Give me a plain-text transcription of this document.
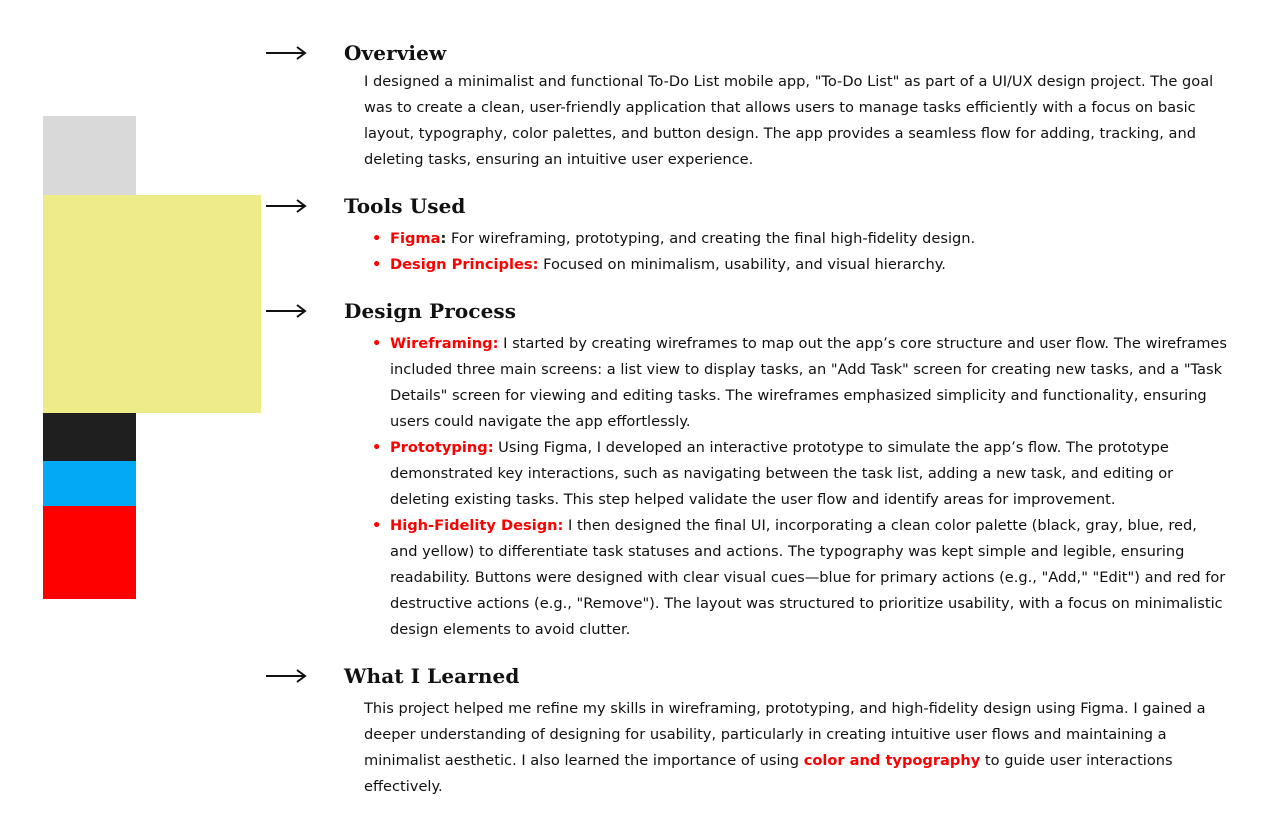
Overview

I designed a minimalist and functional To-Do List mobile app, "To-Do List" as part of a UI/UX design project. The goal was to create a clean, user-friendly application that allows users to manage tasks efficiently with a focus on basic layout, typography, color palettes, and button design. The app provides a seamless flow for adding, tracking, and deleting tasks, ensuring an intuitive user experience.

Tools Used
• Figma: For wireframing, prototyping, and creating the final high-fidelity design.
• Design Principles: Focused on minimalism, usability, and visual hierarchy.
Design Process
• Wireframing: I started by creating wireframes to map out the app’s core structure and user flow. The wireframes included three main screens: a list view to display tasks, an "Add Task" screen for creating new tasks, and a "Task Details" screen for viewing and editing tasks. The wireframes emphasized simplicity and functionality, ensuring users could navigate the app effortlessly.
• Prototyping: Using Figma, I developed an interactive prototype to simulate the app’s flow. The prototype demonstrated key interactions, such as navigating between the task list, adding a new task, and editing or deleting existing tasks. This step helped validate the user flow and identify areas for improvement.
• High-Fidelity Design: I then designed the final UI, incorporating a clean color palette (black, gray, blue, red, and yellow) to differentiate task statuses and actions. The typography was kept simple and legible, ensuring readability. Buttons were designed with clear visual cues—blue for primary actions (e.g., "Add," "Edit") and red for destructive actions (e.g., "Remove"). The layout was structured to prioritize usability, with a focus on minimalistic design elements to avoid clutter.
What I Learned

This project helped me refine my skills in wireframing, prototyping, and high-fidelity design using Figma. I gained a deeper understanding of designing for usability, particularly in creating intuitive user flows and maintaining a minimalist aesthetic. I also learned the importance of using color and typography to guide user interactions effectively.
